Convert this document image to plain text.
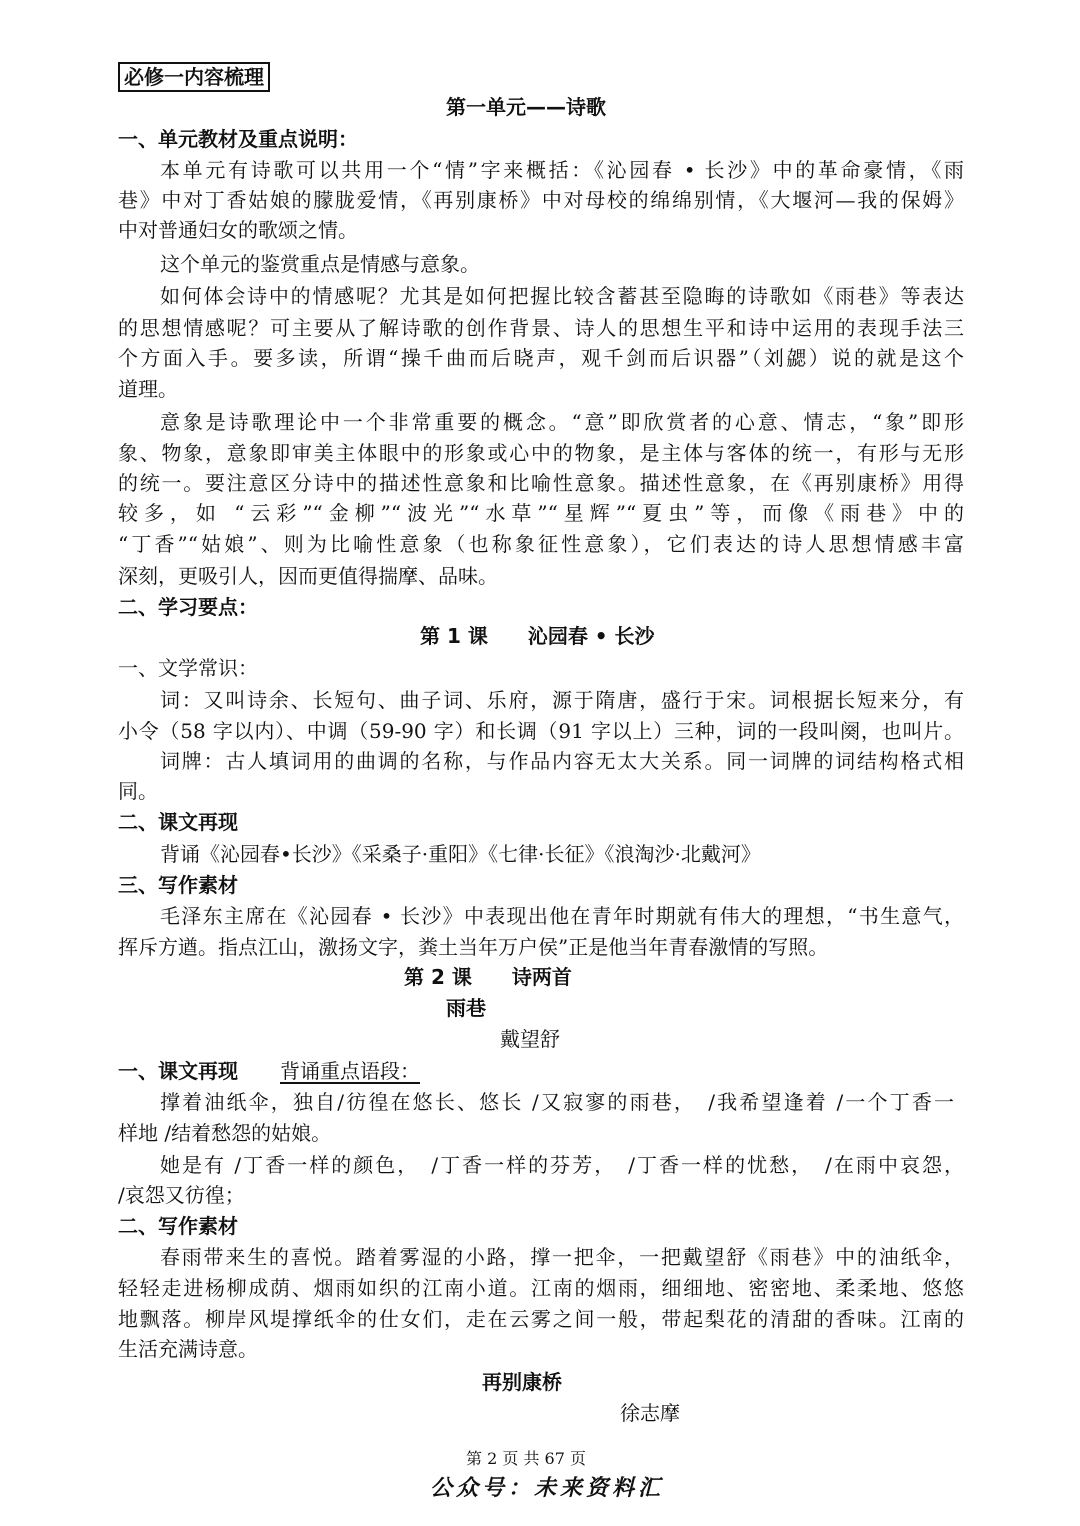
必修一内容梳理
第一单元——诗歌
一、单元教材及重点说明：
本单元有诗歌可以共用一个“情”字来概括：《沁园春 • 长沙》中的革命豪情，《雨
巷》中对丁香姑娘的朦胧爱情，《再别康桥》中对母校的绵绵别情，《大堰河—我的保姆》
中对普通妇女的歌颂之情。
这个单元的鉴赏重点是情感与意象。
如何体会诗中的情感呢？尤其是如何把握比较含蓄甚至隐晦的诗歌如《雨巷》等表达
的思想情感呢？可主要从了解诗歌的创作背景、诗人的思想生平和诗中运用的表现手法三
个方面入手。要多读，所谓“操千曲而后晓声，观千剑而后识器”（刘勰）说的就是这个
道理。
意象是诗歌理论中一个非常重要的概念。“意”即欣赏者的心意、情志，“象”即形
象、物象，意象即审美主体眼中的形象或心中的物象，是主体与客体的统一，有形与无形
的统一。要注意区分诗中的描述性意象和比喻性意象。描述性意象，在《再别康桥》用得
较多，如 “云彩”“金柳”“波光”“水草”“星辉”“夏虫”等，而像《雨巷》中的
“丁香”“姑娘”、则为比喻性意象（也称象征性意象），它们表达的诗人思想情感丰富
深刻，更吸引人，因而更值得揣摩、品味。
二、学习要点：
第 1 课　　沁园春 • 长沙
一、文学常识：
词：又叫诗余、长短句、曲子词、乐府，源于隋唐，盛行于宋。词根据长短来分，有
小令（58 字以内）、中调（59-90 字）和长调（91 字以上）三种，词的一段叫阕，也叫片。
词牌：古人填词用的曲调的名称，与作品内容无太大关系。同一词牌的词结构格式相
同。
二、课文再现
背诵《沁园春•长沙》《采桑子·重阳》《七律·长征》《浪淘沙·北戴河》
三、写作素材
毛泽东主席在《沁园春 • 长沙》中表现出他在青年时期就有伟大的理想，“书生意气，
挥斥方遒。指点江山，激扬文字，粪土当年万户侯”正是他当年青春激情的写照。
第 2 课　　诗两首
雨巷
戴望舒
一、课文再现 背诵重点语段：
撑着油纸伞，独自/彷徨在悠长、悠长 /又寂寥的雨巷，　/我希望逢着 /一个丁香一
样地 /结着愁怨的姑娘。
她是有 /丁香一样的颜色，　/丁香一样的芬芳，　/丁香一样的忧愁，　/在雨中哀怨，
/哀怨又彷徨；
二、写作素材
春雨带来生的喜悦。踏着雾湿的小路，撑一把伞，一把戴望舒《雨巷》中的油纸伞，
轻轻走进杨柳成荫、烟雨如织的江南小道。江南的烟雨，细细地、密密地、柔柔地、悠悠
地飘落。柳岸风堤撑纸伞的仕女们，走在云雾之间一般，带起梨花的清甜的香味。江南的
生活充满诗意。
再别康桥
徐志摩
第 2 页 共 67 页
公众号：未来资料汇
